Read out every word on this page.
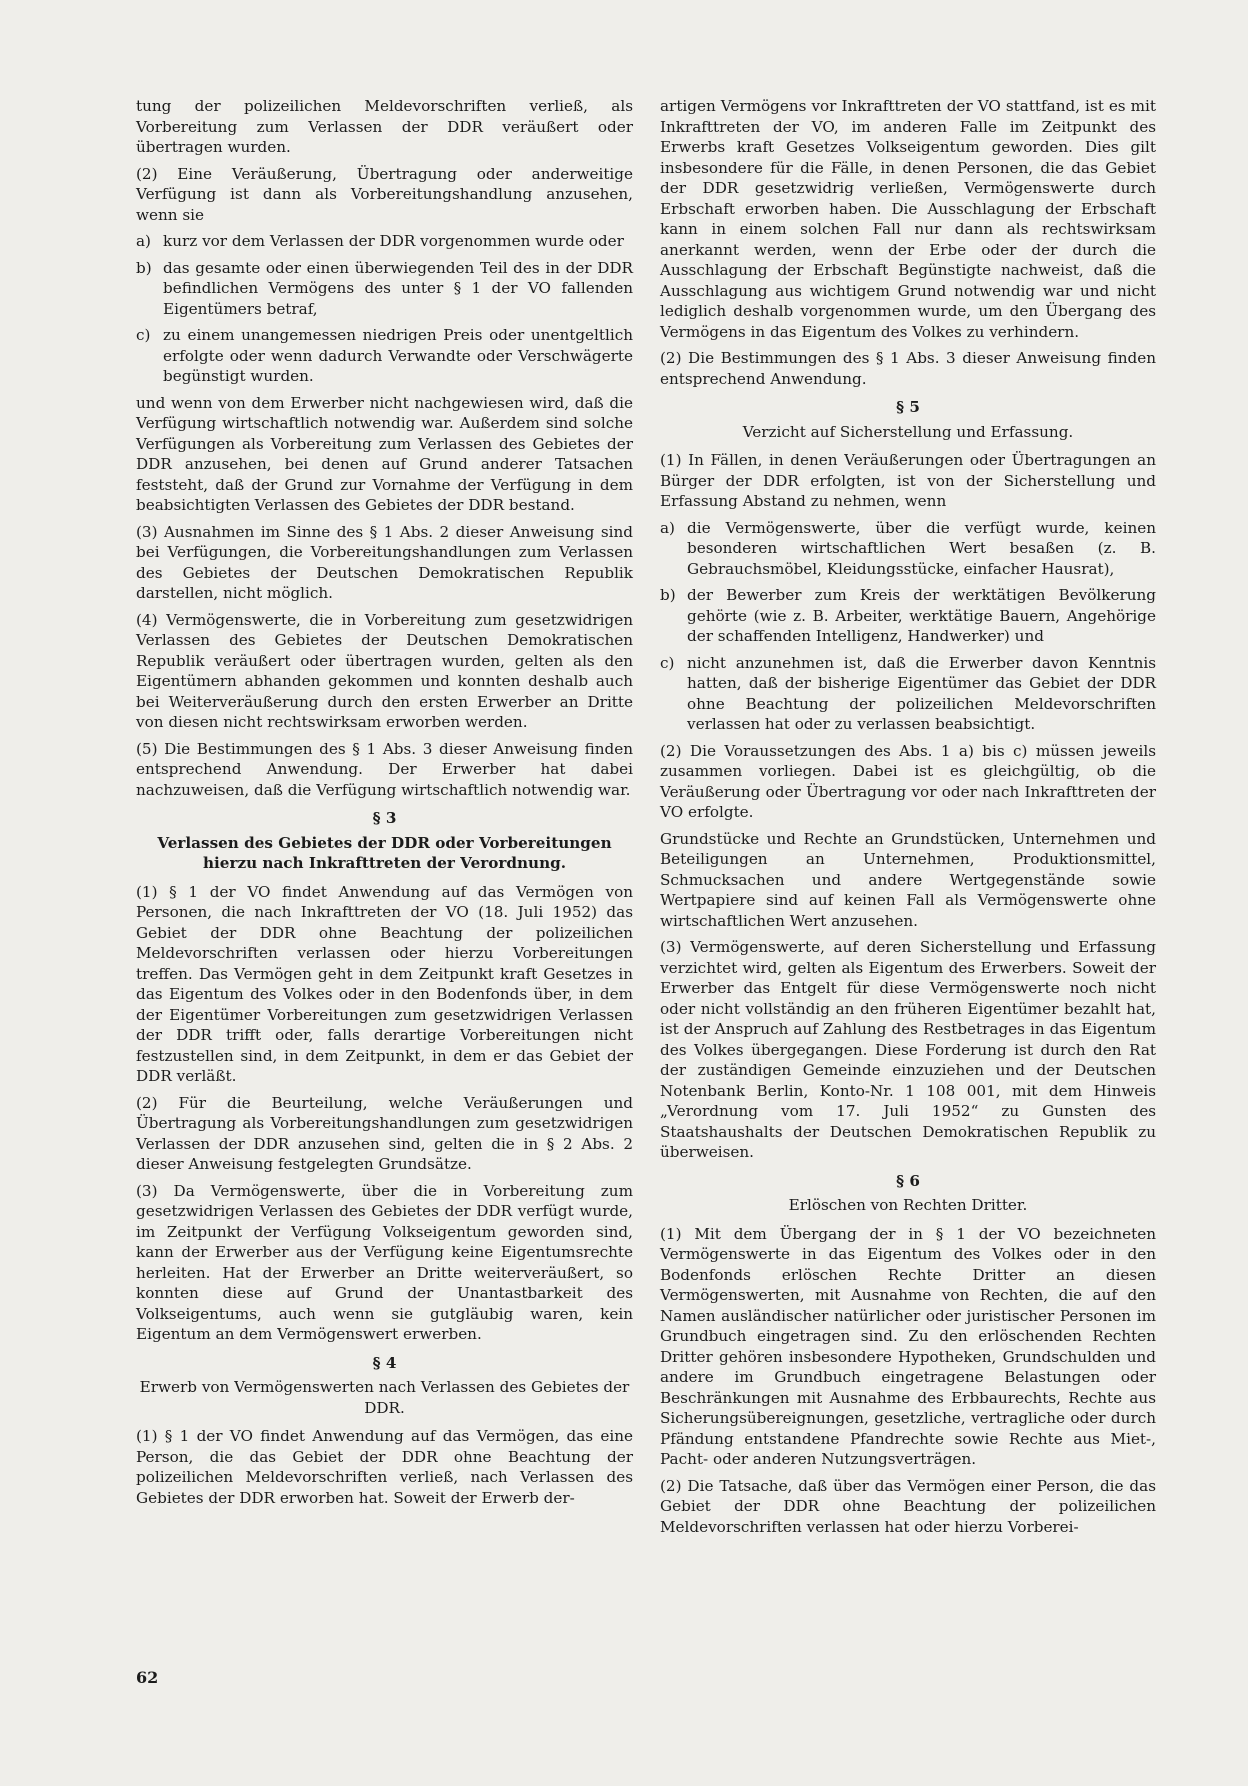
tung der polizeilichen Meldevorschriften verließ, als Vorbereitung zum Verlassen der DDR veräußert oder übertragen wurden.

(2) Eine Veräußerung, Übertragung oder anderweitige Verfügung ist dann als Vorbereitungshandlung anzusehen, wenn sie

a) kurz vor dem Verlassen der DDR vorgenommen wurde oder

b) das gesamte oder einen überwiegenden Teil des in der DDR befindlichen Vermögens des unter § 1 der VO fallenden Eigentümers betraf,

c) zu einem unangemessen niedrigen Preis oder unentgeltlich erfolgte oder wenn dadurch Verwandte oder Verschwägerte begünstigt wurden.

und wenn von dem Erwerber nicht nachgewiesen wird, daß die Verfügung wirtschaftlich notwendig war. Außerdem sind solche Verfügungen als Vorbereitung zum Verlassen des Gebietes der DDR anzusehen, bei denen auf Grund anderer Tatsachen feststeht, daß der Grund zur Vornahme der Verfügung in dem beabsichtigten Verlassen des Gebietes der DDR bestand.

(3) Ausnahmen im Sinne des § 1 Abs. 2 dieser Anweisung sind bei Verfügungen, die Vorbereitungshandlungen zum Verlassen des Gebietes der Deutschen Demokratischen Republik darstellen, nicht möglich.

(4) Vermögenswerte, die in Vorbereitung zum gesetzwidrigen Verlassen des Gebietes der Deutschen Demokratischen Republik veräußert oder übertragen wurden, gelten als den Eigentümern abhanden gekommen und konnten deshalb auch bei Weiterveräußerung durch den ersten Erwerber an Dritte von diesen nicht rechtswirksam erworben werden.

(5) Die Bestimmungen des § 1 Abs. 3 dieser Anweisung finden entsprechend Anwendung. Der Erwerber hat dabei nachzuweisen, daß die Verfügung wirtschaftlich notwendig war.

§ 3
Verlassen des Gebietes der DDR oder Vorbereitungen hierzu nach Inkrafttreten der Verordnung.

(1) § 1 der VO findet Anwendung auf das Vermögen von Personen, die nach Inkrafttreten der VO (18. Juli 1952) das Gebiet der DDR ohne Beachtung der polizeilichen Meldevorschriften verlassen oder hierzu Vorbereitungen treffen. Das Vermögen geht in dem Zeitpunkt kraft Gesetzes in das Eigentum des Volkes oder in den Bodenfonds über, in dem der Eigentümer Vorbereitungen zum gesetzwidrigen Verlassen der DDR trifft oder, falls derartige Vorbereitungen nicht festzustellen sind, in dem Zeitpunkt, in dem er das Gebiet der DDR verläßt.

(2) Für die Beurteilung, welche Veräußerungen und Übertragung als Vorbereitungshandlungen zum gesetzwidrigen Verlassen der DDR anzusehen sind, gelten die in § 2 Abs. 2 dieser Anweisung festgelegten Grundsätze.

(3) Da Vermögenswerte, über die in Vorbereitung zum gesetzwidrigen Verlassen des Gebietes der DDR verfügt wurde, im Zeitpunkt der Verfügung Volkseigentum geworden sind, kann der Erwerber aus der Verfügung keine Eigentumsrechte herleiten. Hat der Erwerber an Dritte weiterveräußert, so konnten diese auf Grund der Unantastbarkeit des Volkseigentums, auch wenn sie gutgläubig waren, kein Eigentum an dem Vermögenswert erwerben.

§ 4
Erwerb von Vermögenswerten nach Verlassen des Gebietes der DDR.

(1) § 1 der VO findet Anwendung auf das Vermögen, das eine Person, die das Gebiet der DDR ohne Beachtung der polizeilichen Meldevorschriften verließ, nach Verlassen des Gebietes der DDR erworben hat. Soweit der Erwerb der-

artigen Vermögens vor Inkrafttreten der VO stattfand, ist es mit Inkrafttreten der VO, im anderen Falle im Zeitpunkt des Erwerbs kraft Gesetzes Volkseigentum geworden. Dies gilt insbesondere für die Fälle, in denen Personen, die das Gebiet der DDR gesetzwidrig verließen, Vermögenswerte durch Erbschaft erworben haben. Die Ausschlagung der Erbschaft kann in einem solchen Fall nur dann als rechtswirksam anerkannt werden, wenn der Erbe oder der durch die Ausschlagung der Erbschaft Begünstigte nachweist, daß die Ausschlagung aus wichtigem Grund notwendig war und nicht lediglich deshalb vorgenommen wurde, um den Übergang des Vermögens in das Eigentum des Volkes zu verhindern.

(2) Die Bestimmungen des § 1 Abs. 3 dieser Anweisung finden entsprechend Anwendung.

§ 5
Verzicht auf Sicherstellung und Erfassung.

(1) In Fällen, in denen Veräußerungen oder Übertragungen an Bürger der DDR erfolgten, ist von der Sicherstellung und Erfassung Abstand zu nehmen, wenn

a) die Vermögenswerte, über die verfügt wurde, keinen besonderen wirtschaftlichen Wert besaßen (z. B. Gebrauchsmöbel, Kleidungsstücke, einfacher Hausrat),

b) der Bewerber zum Kreis der werktätigen Bevölkerung gehörte (wie z. B. Arbeiter, werktätige Bauern, Angehörige der schaffenden Intelligenz, Handwerker) und

c) nicht anzunehmen ist, daß die Erwerber davon Kenntnis hatten, daß der bisherige Eigentümer das Gebiet der DDR ohne Beachtung der polizeilichen Meldevorschriften verlassen hat oder zu verlassen beabsichtigt.

(2) Die Voraussetzungen des Abs. 1 a) bis c) müssen jeweils zusammen vorliegen. Dabei ist es gleichgültig, ob die Veräußerung oder Übertragung vor oder nach Inkrafttreten der VO erfolgte.

Grundstücke und Rechte an Grundstücken, Unternehmen und Beteiligungen an Unternehmen, Produktionsmittel, Schmucksachen und andere Wertgegenstände sowie Wertpapiere sind auf keinen Fall als Vermögenswerte ohne wirtschaftlichen Wert anzusehen.

(3) Vermögenswerte, auf deren Sicherstellung und Erfassung verzichtet wird, gelten als Eigentum des Erwerbers. Soweit der Erwerber das Entgelt für diese Vermögenswerte noch nicht oder nicht vollständig an den früheren Eigentümer bezahlt hat, ist der Anspruch auf Zahlung des Restbetrages in das Eigentum des Volkes übergegangen. Diese Forderung ist durch den Rat der zuständigen Gemeinde einzuziehen und der Deutschen Notenbank Berlin, Konto-Nr. 1 108 001, mit dem Hinweis „Verordnung vom 17. Juli 1952“ zu Gunsten des Staatshaushalts der Deutschen Demokratischen Republik zu überweisen.

§ 6
Erlöschen von Rechten Dritter.

(1) Mit dem Übergang der in § 1 der VO bezeichneten Vermögenswerte in das Eigentum des Volkes oder in den Bodenfonds erlöschen Rechte Dritter an diesen Vermögenswerten, mit Ausnahme von Rechten, die auf den Namen ausländischer natürlicher oder juristischer Personen im Grundbuch eingetragen sind. Zu den erlöschenden Rechten Dritter gehören insbesondere Hypotheken, Grundschulden und andere im Grundbuch eingetragene Belastungen oder Beschränkungen mit Ausnahme des Erbbaurechts, Rechte aus Sicherungsübereignungen, gesetzliche, vertragliche oder durch Pfändung entstandene Pfandrechte sowie Rechte aus Miet-, Pacht- oder anderen Nutzungsverträgen.

(2) Die Tatsache, daß über das Vermögen einer Person, die das Gebiet der DDR ohne Beachtung der polizeilichen Meldevorschriften verlassen hat oder hierzu Vorberei-

62
